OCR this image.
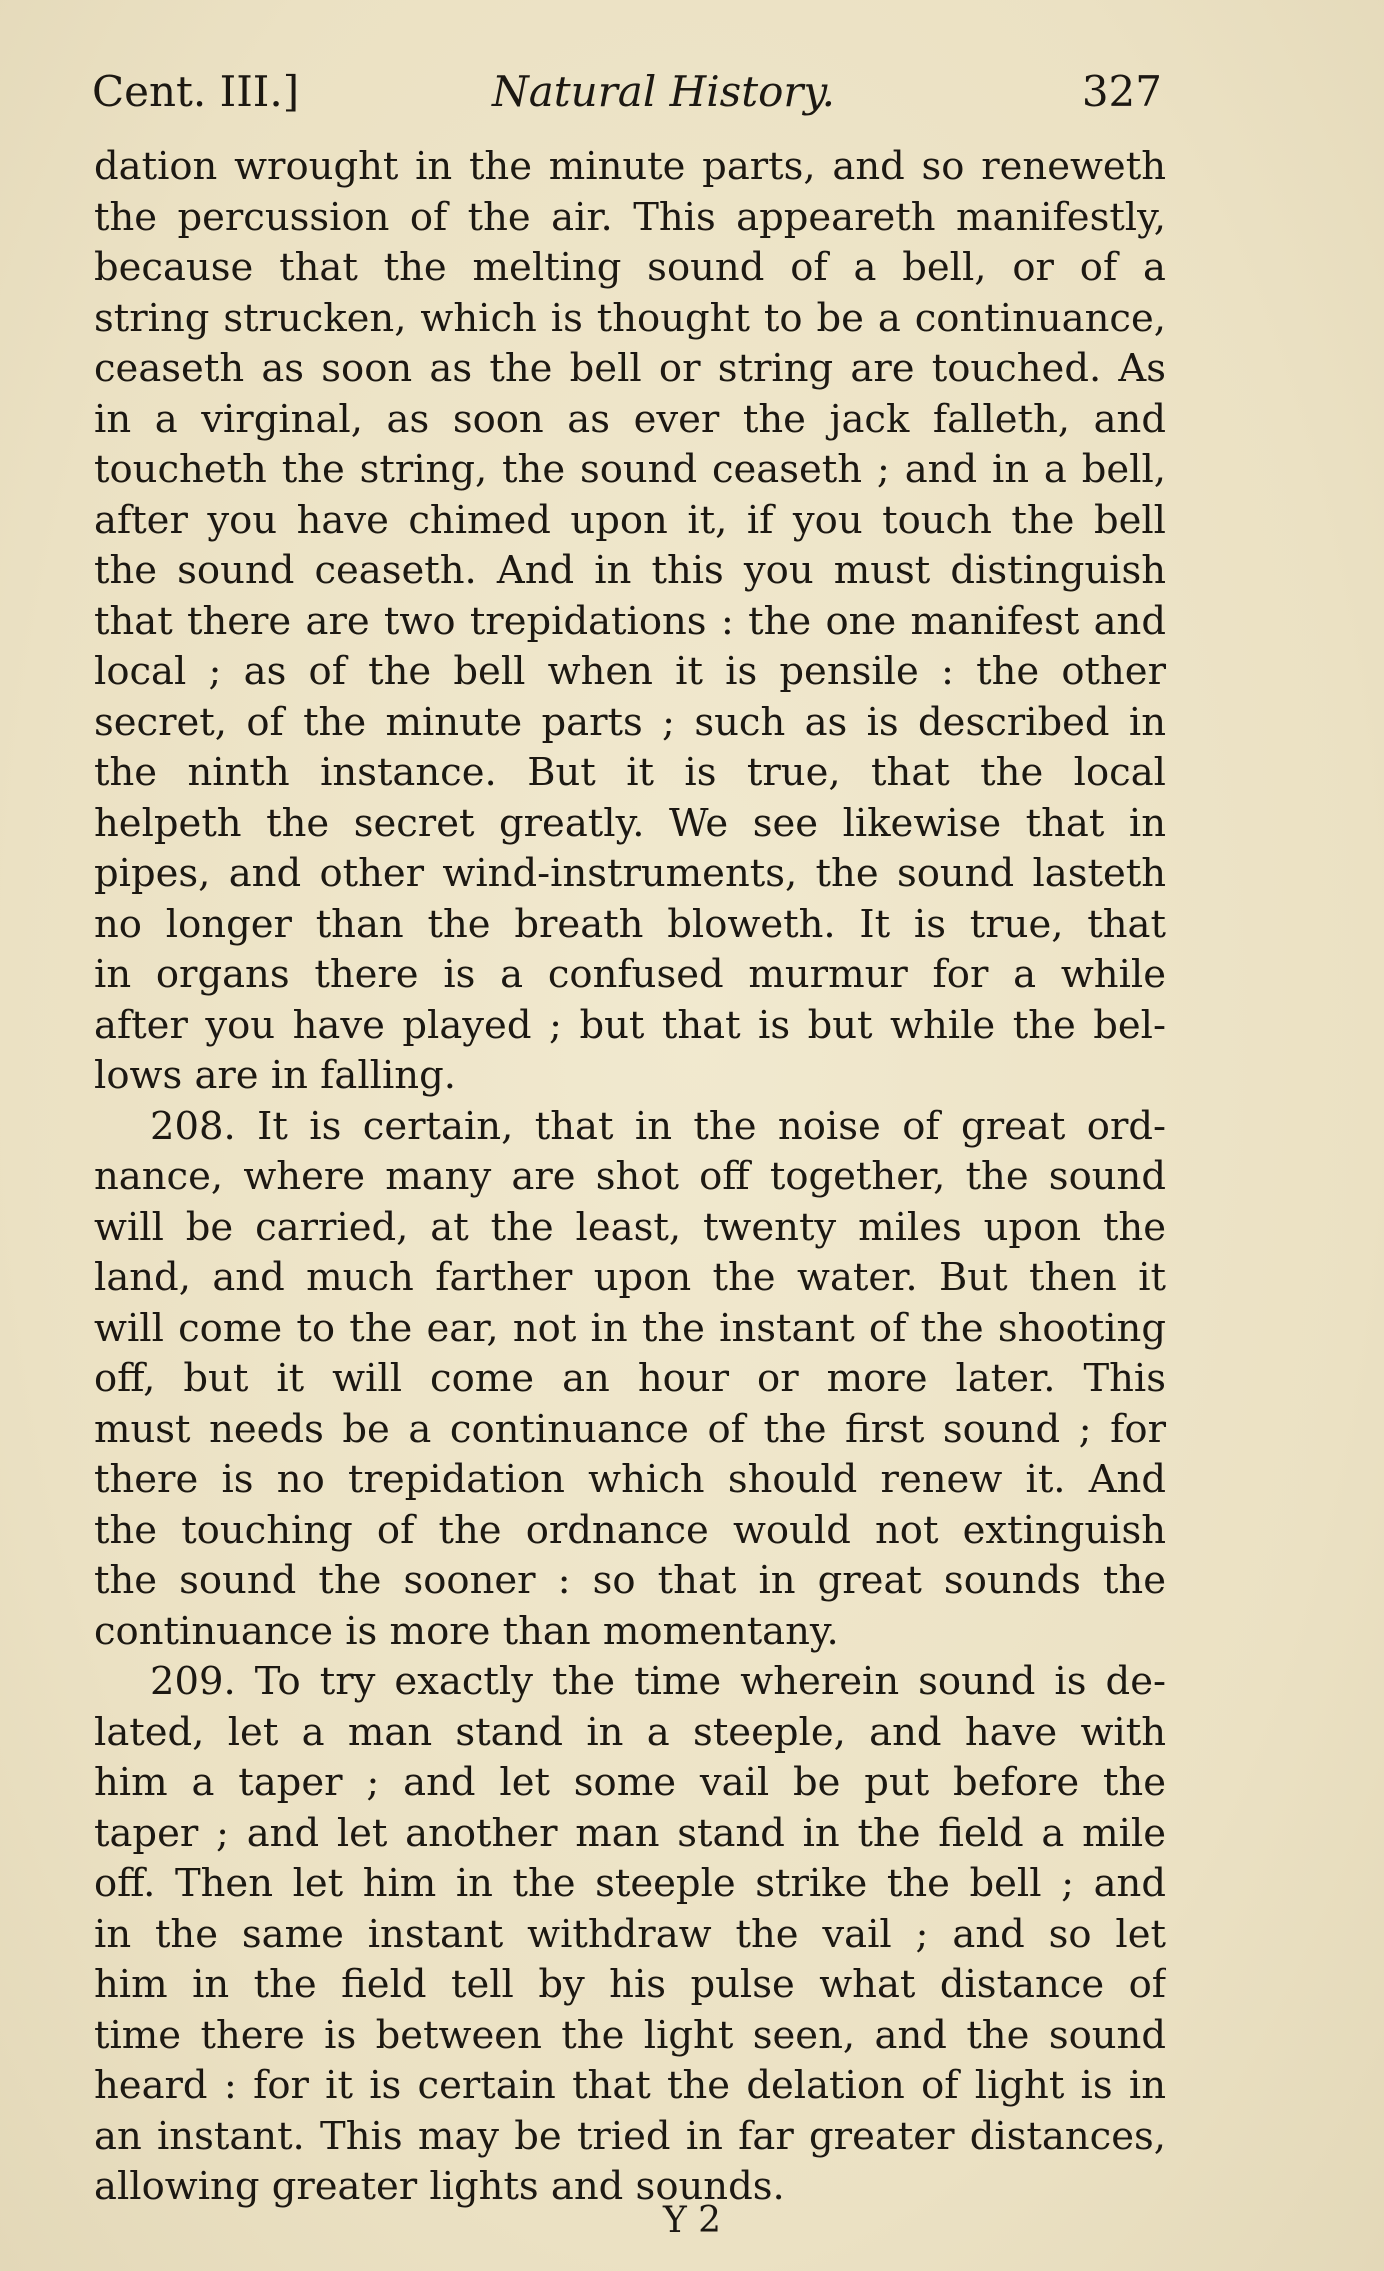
Cent. III.]	Natural History.	327
dation wrought in the minute parts, and so reneweth
the percussion of the air. This appeareth manifestly,
because that the melting sound of a bell, or of a
string strucken, which is thought to be a continuance,
ceaseth as soon as the bell or string are touched. As
in a virginal, as soon as ever the jack falleth, and
toucheth the string, the sound ceaseth ; and in a bell,
after you have chimed upon it, if you touch the bell
the sound ceaseth. And in this you must distinguish
that there are two trepidations : the one manifest and
local ; as of the bell when it is pensile : the other
secret, of the minute parts ; such as is described in
the ninth instance. But it is true, that the local
helpeth the secret greatly. We see likewise that in
pipes, and other wind-instruments, the sound lasteth
no longer than the breath bloweth. It is true, that
in organs there is a confused murmur for a while
after you have played ; but that is but while the bel-
lows are in falling.
208. It is certain, that in the noise of great ord-
nance, where many are shot off together, the sound
will be carried, at the least, twenty miles upon the
land, and much farther upon the water. But then it
will come to the ear, not in the instant of the shooting
off, but it will come an hour or more later. This
must needs be a continuance of the first sound ; for
there is no trepidation which should renew it. And
the touching of the ordnance would not extinguish
the sound the sooner : so that in great sounds the
continuance is more than momentany.
209. To try exactly the time wherein sound is de-
lated, let a man stand in a steeple, and have with
him a taper ; and let some vail be put before the
taper ; and let another man stand in the field a mile
off. Then let him in the steeple strike the bell ; and
in the same instant withdraw the vail ; and so let
him in the field tell by his pulse what distance of
time there is between the light seen, and the sound
heard : for it is certain that the delation of light is in
an instant. This may be tried in far greater distances,
allowing greater lights and sounds.
Y 2
